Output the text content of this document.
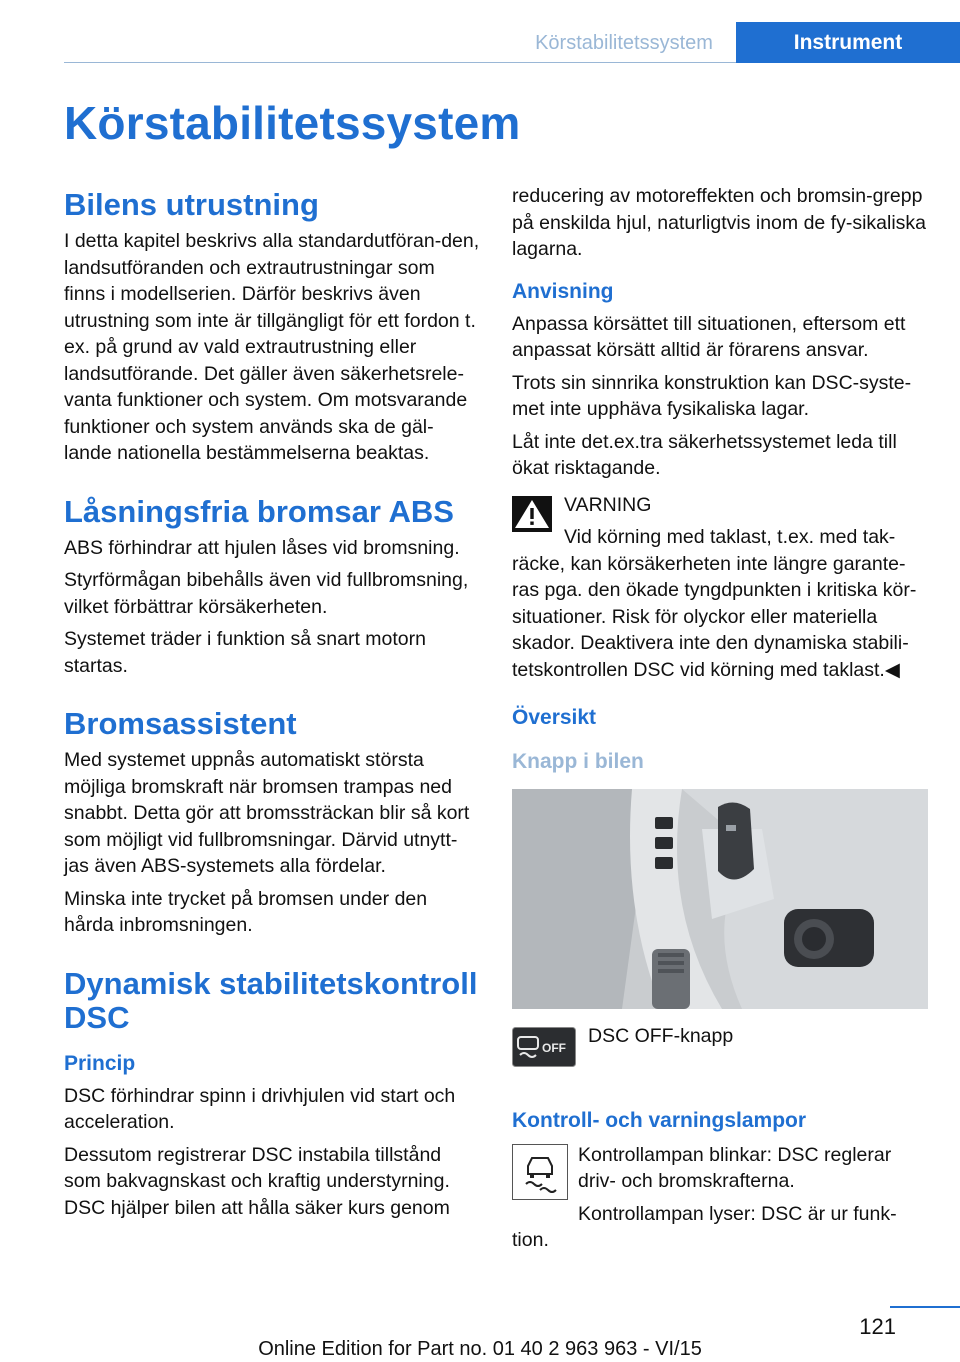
Körstabilitetssystem	Instrument
Körstabilitetssystem
Bilens utrustning

I detta kapitel beskrivs alla standardutföran-den, landsutföranden och extrautrustningar som finns i modellserien. Därför beskrivs även utrustning som inte är tillgängligt för ett fordon t. ex. på grund av vald extrautrustning eller landsutförande. Det gäller även säkerhetsrele-vanta funktioner och system. Om motsvarande funktioner och system används ska de gäl-lande nationella bestämmelserna beaktas.

Låsningsfria bromsar ABS

ABS förhindrar att hjulen låses vid bromsning.

Styrförmågan bibehålls även vid fullbromsning, vilket förbättrar körsäkerheten.

Systemet träder i funktion så snart motorn startas.

Bromsassistent

Med systemet uppnås automatiskt största möjliga bromskraft när bromsen trampas ned snabbt. Detta gör att bromssträckan blir så kort som möjligt vid fullbromsningar. Därvid utnytt-jas även ABS-systemets alla fördelar.

Minska inte trycket på bromsen under den hårda inbromsningen.

Dynamisk stabilitetskontroll DSC
Princip

DSC förhindrar spinn i drivhjulen vid start och acceleration.

Dessutom registrerar DSC instabila tillstånd som bakvagnskast och kraftig understyrning. DSC hjälper bilen att hålla säker kurs genom

reducering av motoreffekten och bromsin-grepp på enskilda hjul, naturligtvis inom de fy-sikaliska lagarna.

Anvisning

Anpassa körsättet till situationen, eftersom ett anpassat körsätt alltid är förarens ansvar.

Trots sin sinnrika konstruktion kan DSC-syste-met inte upphäva fysikaliska lagar.

Låt inte det.ex.tra säkerhetssystemet leda till ökat risktagande.

VARNING

Vid körning med taklast, t.ex. med tak-räcke, kan körsäkerheten inte längre garante-ras pga. den ökade tyngdpunkten i kritiska kör-situationer. Risk för olyckor eller materiella skador. Deaktivera inte den dynamiska stabili-tetskontrollen DSC vid körning med taklast.◀

Översikt
Knapp i bilen
OFF

DSC OFF-knapp

Kontroll- och varningslampor

Kontrollampan blinkar: DSC reglerar driv- och bromskrafterna.

Kontrollampan lyser: DSC är ur funk-tion.

121
Online Edition for Part no. 01 40 2 963 963 - VI/15
